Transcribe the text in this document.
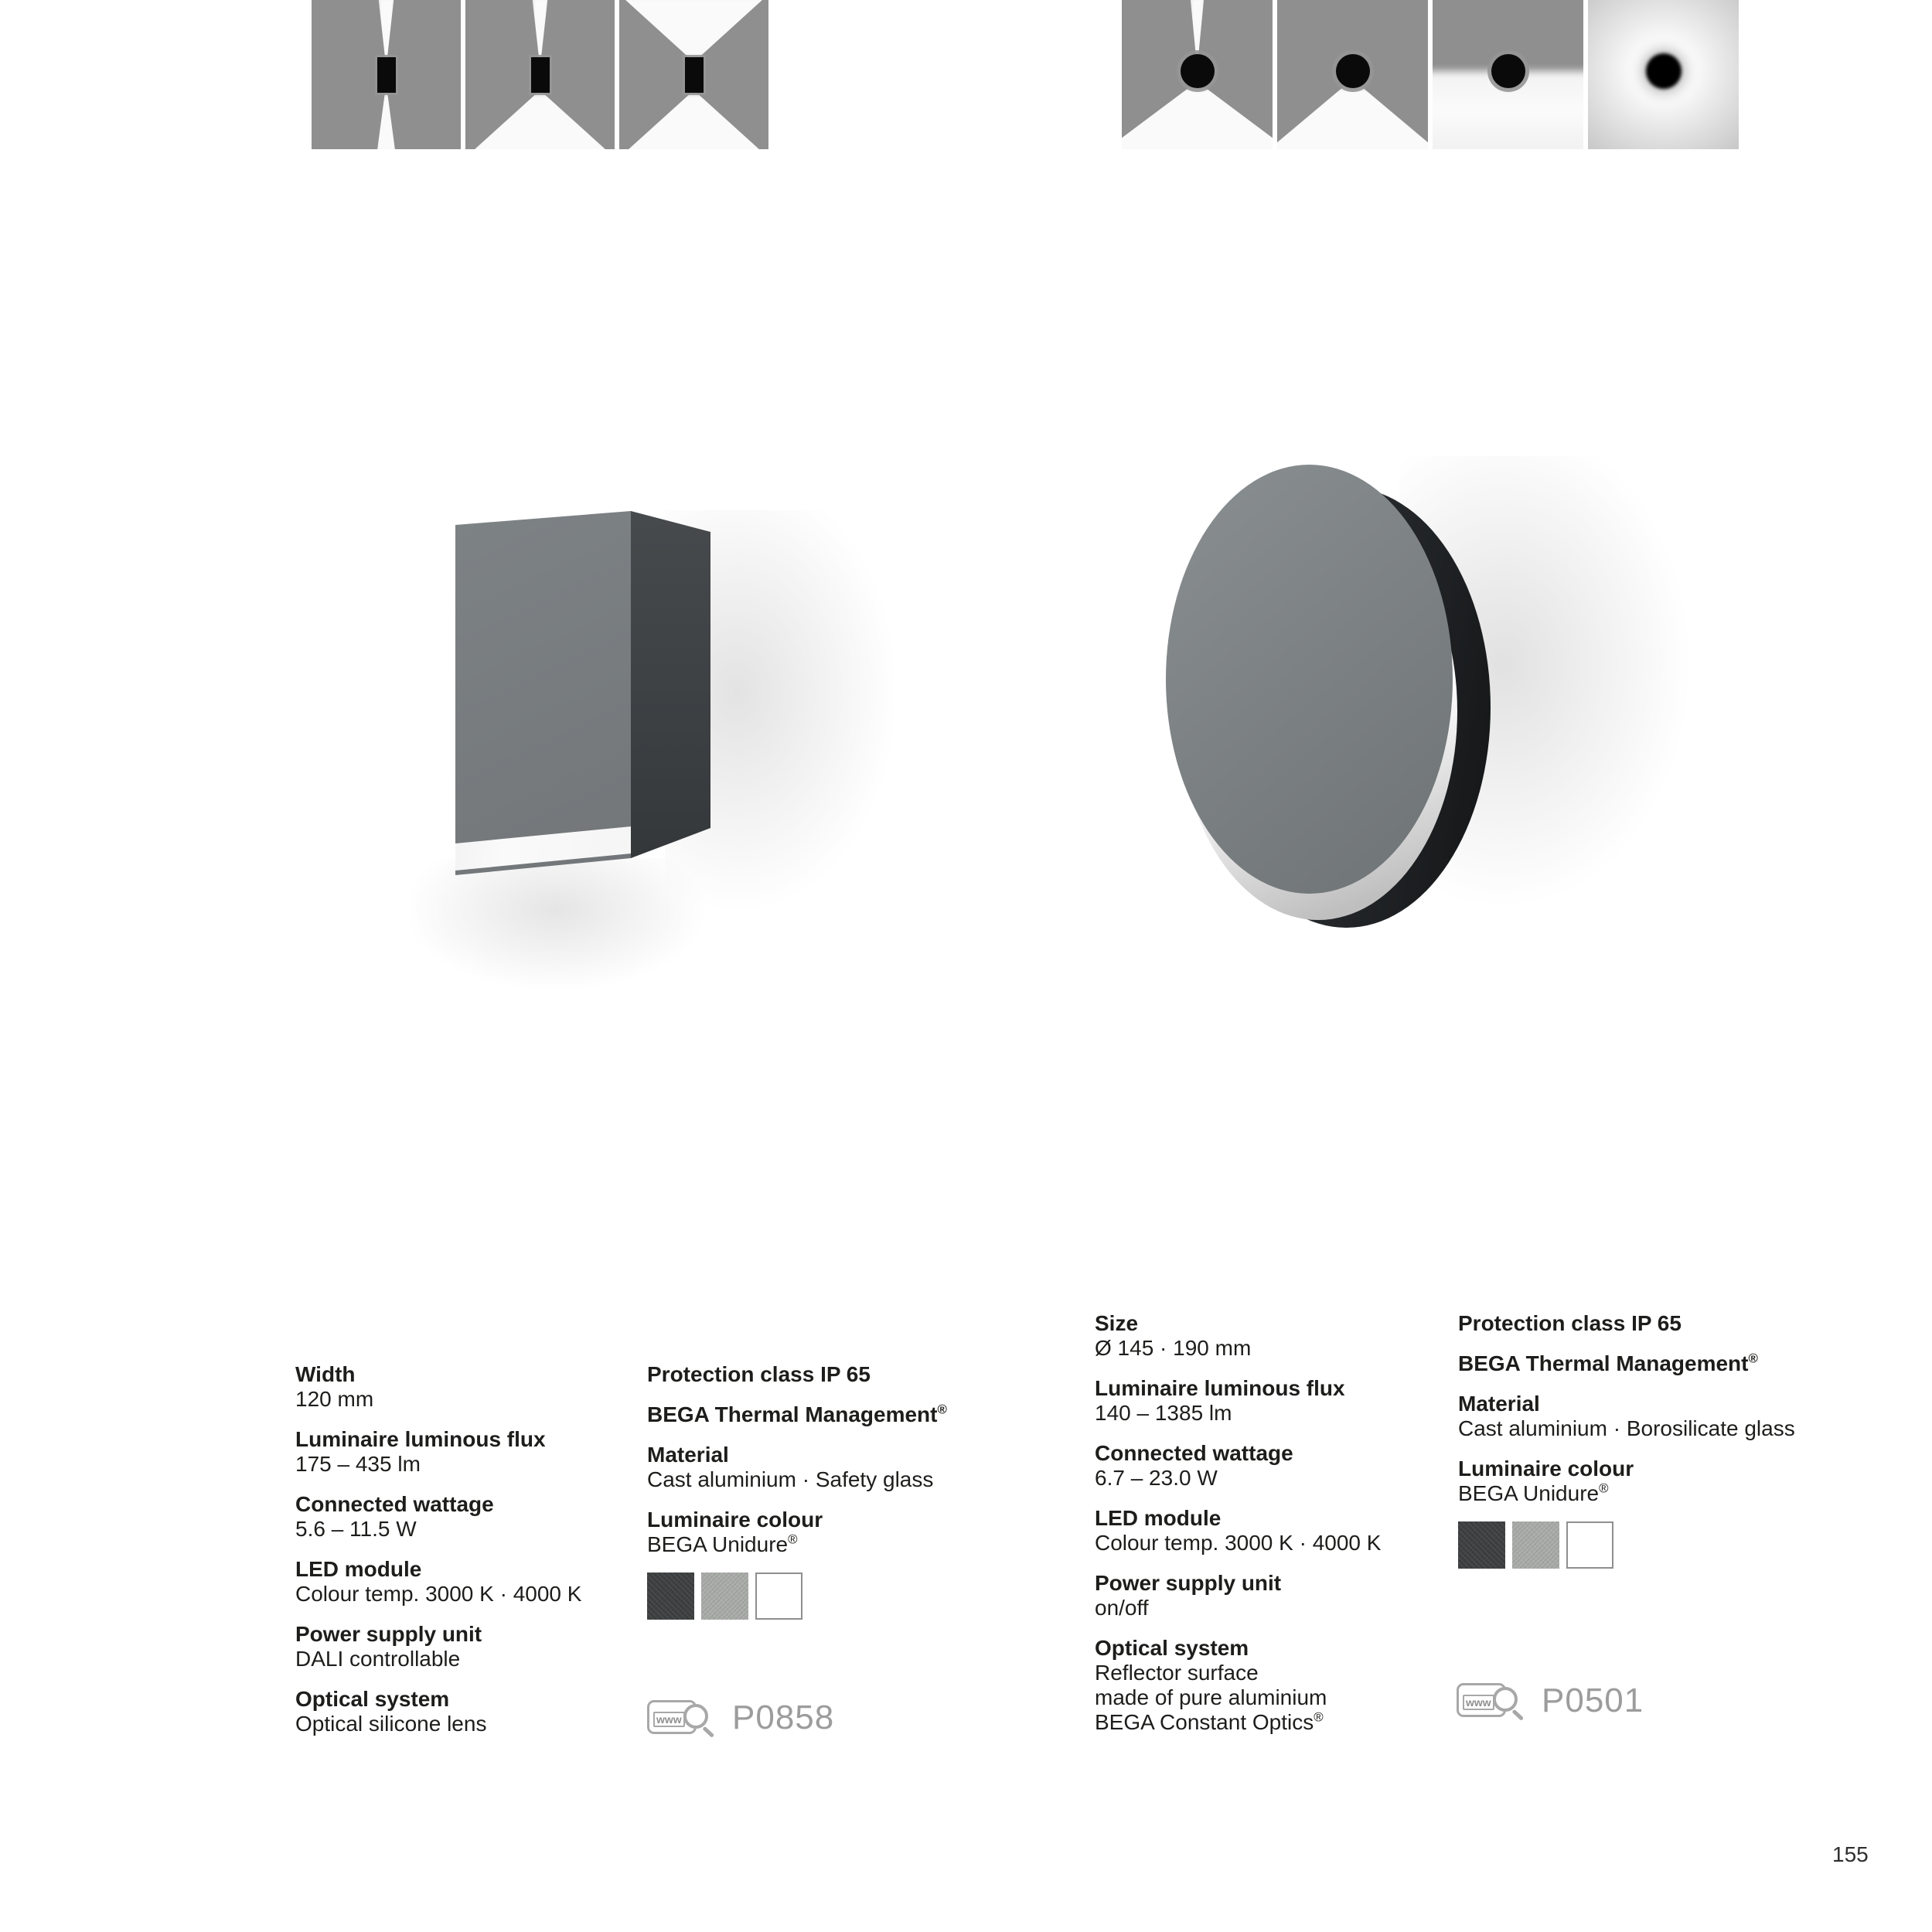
Width
120 mm
Luminaire luminous flux
175 – 435 lm
Connected wattage
5.6 – 11.5 W
LED module
Colour temp. 3000 K · 4000 K
Power supply unit
DALI controllable
Optical system
Optical silicone lens
Protection class IP 65
BEGA Thermal Management®
Material
Cast aluminium · Safety glass
Luminaire colour
BEGA Unidure®
Size
Ø 145 · 190 mm
Luminaire luminous flux
140 – 1385 lm
Connected wattage
6.7 – 23.0 W
LED module
Colour temp. 3000 K · 4000 K
Power supply unit
on/off
Optical system
Reflector surface
made of pure aluminium
BEGA Constant Optics®
Protection class IP 65
BEGA Thermal Management®
Material
Cast aluminium · Borosilicate glass
Luminaire colour
BEGA Unidure®
www P0858	www P0501
155
